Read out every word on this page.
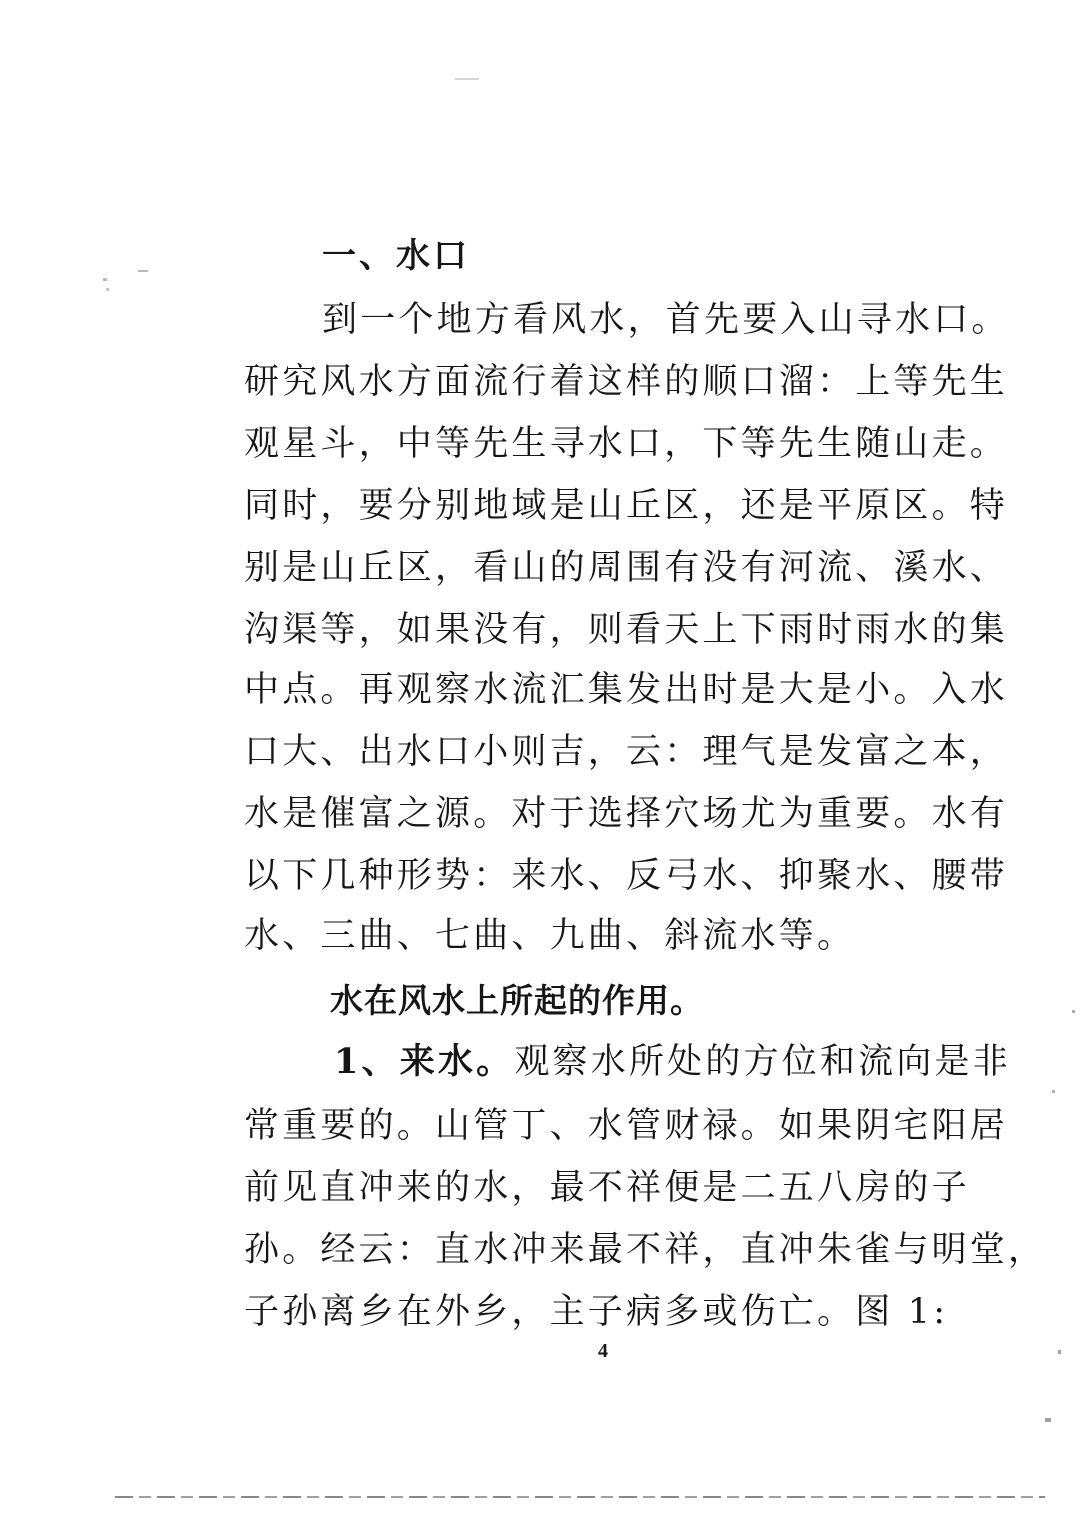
一、水口
到一个地方看风水，首先要入山寻水口。
研究风水方面流行着这样的顺口溜：上等先生
观星斗，中等先生寻水口，下等先生随山走。
同时，要分别地域是山丘区，还是平原区。特
别是山丘区，看山的周围有没有河流、溪水、
沟渠等，如果没有，则看天上下雨时雨水的集
中点。再观察水流汇集发出时是大是小。入水
口大、出水口小则吉，云：理气是发富之本，
水是催富之源。对于选择穴场尤为重要。水有
以下几种形势：来水、反弓水、抑聚水、腰带
水、三曲、七曲、九曲、斜流水等。
水在风水上所起的作用。
1、来水。观察水所处的方位和流向是非
常重要的。山管丁、水管财禄。如果阴宅阳居
前见直冲来的水，最不祥便是二五八房的子
孙。经云：直水冲来最不祥，直冲朱雀与明堂，
子孙离乡在外乡，主子病多或伤亡。图 1:
4
